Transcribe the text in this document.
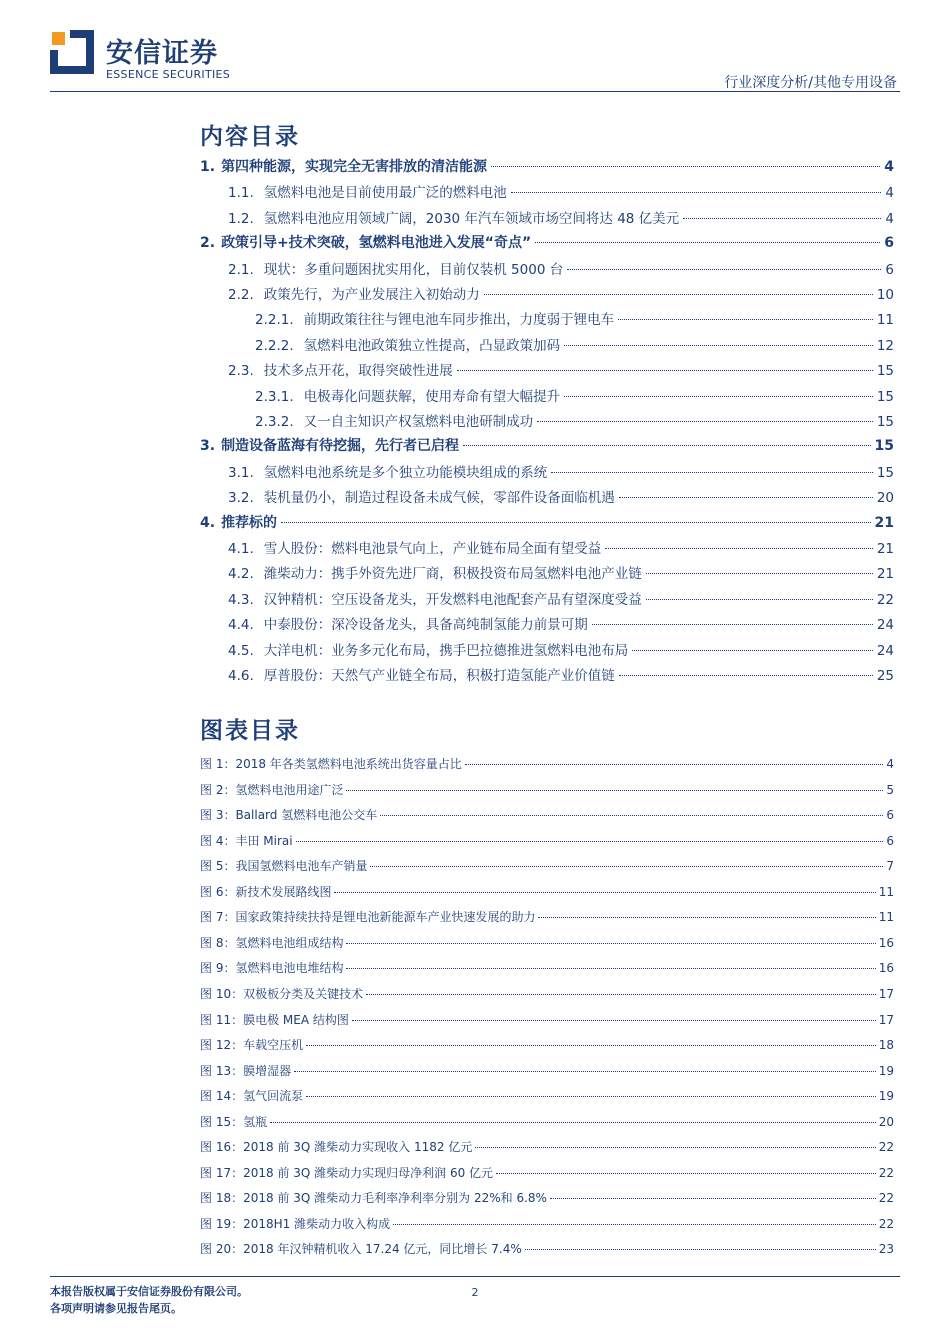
安信证券
ESSENCE SECURITIES
行业深度分析/其他专用设备
内容目录
1. 第四种能源，实现完全无害排放的清洁能源	4
1.1. 氢燃料电池是目前使用最广泛的燃料电池	4
1.2. 氢燃料电池应用领域广阔，2030 年汽车领域市场空间将达 48 亿美元	4
2. 政策引导+技术突破，氢燃料电池进入发展“奇点”	6
2.1. 现状：多重问题困扰实用化，目前仅装机 5000 台	6
2.2. 政策先行，为产业发展注入初始动力	10
2.2.1. 前期政策往往与锂电池车同步推出，力度弱于锂电车	11
2.2.2. 氢燃料电池政策独立性提高，凸显政策加码	12
2.3. 技术多点开花，取得突破性进展	15
2.3.1. 电极毒化问题获解，使用寿命有望大幅提升	15
2.3.2. 又一自主知识产权氢燃料电池研制成功	15
3. 制造设备蓝海有待挖掘，先行者已启程	15
3.1. 氢燃料电池系统是多个独立功能模块组成的系统	15
3.2. 装机量仍小，制造过程设备未成气候，零部件设备面临机遇	20
4. 推荐标的	21
4.1. 雪人股份：燃料电池景气向上，产业链布局全面有望受益	21
4.2. 潍柴动力：携手外资先进厂商，积极投资布局氢燃料电池产业链	21
4.3. 汉钟精机：空压设备龙头，开发燃料电池配套产品有望深度受益	22
4.4. 中泰股份：深冷设备龙头，具备高纯制氢能力前景可期	24
4.5. 大洋电机：业务多元化布局，携手巴拉德推进氢燃料电池布局	24
4.6. 厚普股份：天然气产业链全布局，积极打造氢能产业价值链	25
图表目录
图 1： 2018 年各类氢燃料电池系统出货容量占比	4
图 2： 氢燃料电池用途广泛	5
图 3： Ballard 氢燃料电池公交车	6
图 4： 丰田 Mirai	6
图 5： 我国氢燃料电池车产销量	7
图 6： 新技术发展路线图	11
图 7： 国家政策持续扶持是锂电池新能源车产业快速发展的助力	11
图 8： 氢燃料电池组成结构	16
图 9： 氢燃料电池电堆结构	16
图 10： 双极板分类及关键技术	17
图 11： 膜电极 MEA 结构图	17
图 12： 车载空压机	18
图 13： 膜增湿器	19
图 14： 氢气回流泵	19
图 15： 氢瓶	20
图 16： 2018 前 3Q 潍柴动力实现收入 1182 亿元	22
图 17： 2018 前 3Q 潍柴动力实现归母净利润 60 亿元	22
图 18： 2018 前 3Q 潍柴动力毛利率净利率分别为 22%和 6.8%	22
图 19： 2018H1 潍柴动力收入构成	22
图 20： 2018 年汉钟精机收入 17.24 亿元，同比增长 7.4%	23
本报告版权属于安信证券股份有限公司。
各项声明请参见报告尾页。
2
